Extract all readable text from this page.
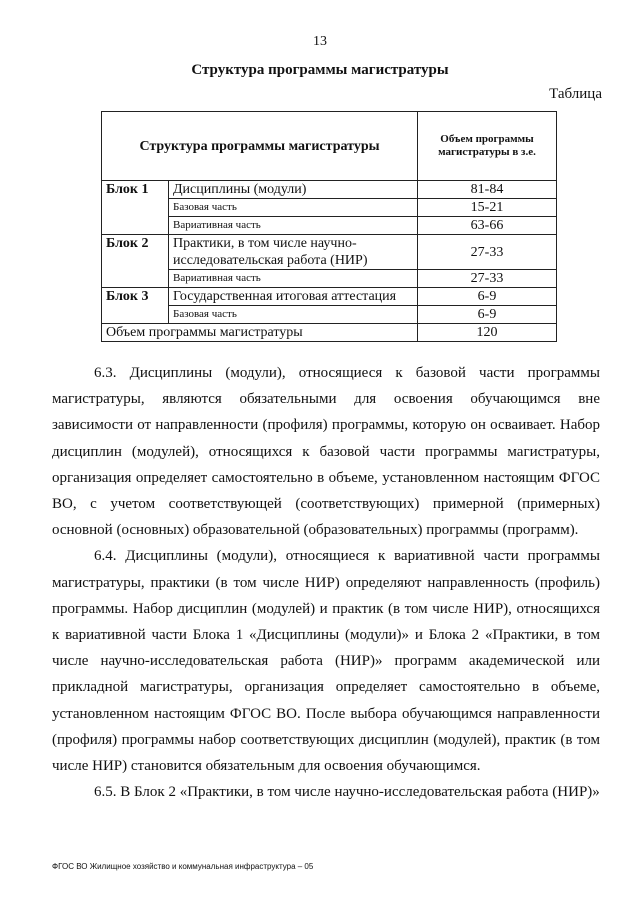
13
Структура программы магистратуры
Таблица
Структура программы магистратуры		Объем программы магистратуры в з.е.
Блок 1	Дисциплины (модули)	81-84
	Базовая часть	15-21
	Вариативная часть	63-66
Блок 2	Практики, в том числе научно-исследовательская работа (НИР)	27-33
	Вариативная часть	27-33
Блок 3	Государственная итоговая аттестация	6-9
	Базовая часть	6-9
Объем программы магистратуры		120

6.3. Дисциплины (модули), относящиеся к базовой части программы магистратуры, являются обязательными для освоения обучающимся вне зависимости от направленности (профиля) программы, которую он осваивает. Набор дисциплин (модулей), относящихся к базовой части программы магистратуры, организация определяет самостоятельно в объеме, установленном настоящим ФГОС ВО, с учетом соответствующей (соответствующих) примерной (примерных) основной (основных) образовательной (образовательных) программы (программ).

6.4. Дисциплины (модули), относящиеся к вариативной части программы магистратуры, практики (в том числе НИР) определяют направленность (профиль) программы. Набор дисциплин (модулей) и практик (в том числе НИР), относящихся к вариативной части Блока 1 «Дисциплины (модули)» и Блока 2 «Практики, в том числе научно-исследовательская работа (НИР)» программ академической или прикладной магистратуры, организация определяет самостоятельно в объеме, установленном настоящим ФГОС ВО. После выбора обучающимся направленности (профиля) программы набор соответствующих дисциплин (модулей), практик (в том числе НИР) становится обязательным для освоения обучающимся.

6.5. В Блок 2 «Практики, в том числе научно-исследовательская работа (НИР)»

ФГОС ВО Жилищное хозяйство и коммунальная инфраструктура – 05
